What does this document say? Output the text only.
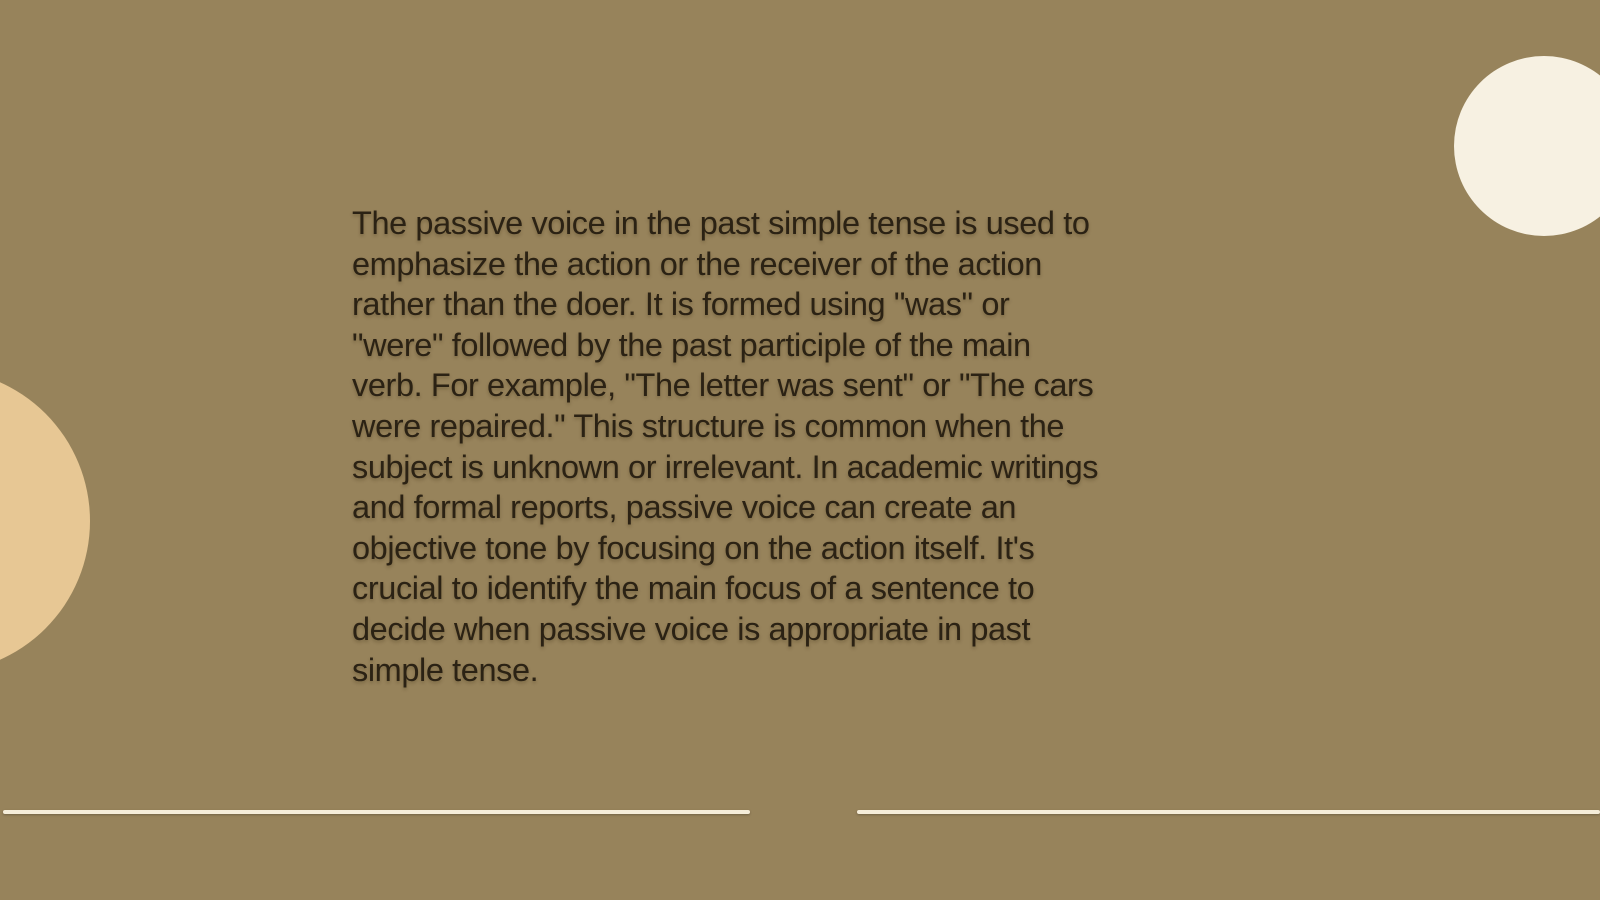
The passive voice in the past simple tense is used to
emphasize the action or the receiver of the action
rather than the doer. It is formed using "was" or
"were" followed by the past participle of the main
verb. For example, "The letter was sent" or "The cars
were repaired." This structure is common when the
subject is unknown or irrelevant. In academic writings
and formal reports, passive voice can create an
objective tone by focusing on the action itself. It's
crucial to identify the main focus of a sentence to
decide when passive voice is appropriate in past
simple tense.
